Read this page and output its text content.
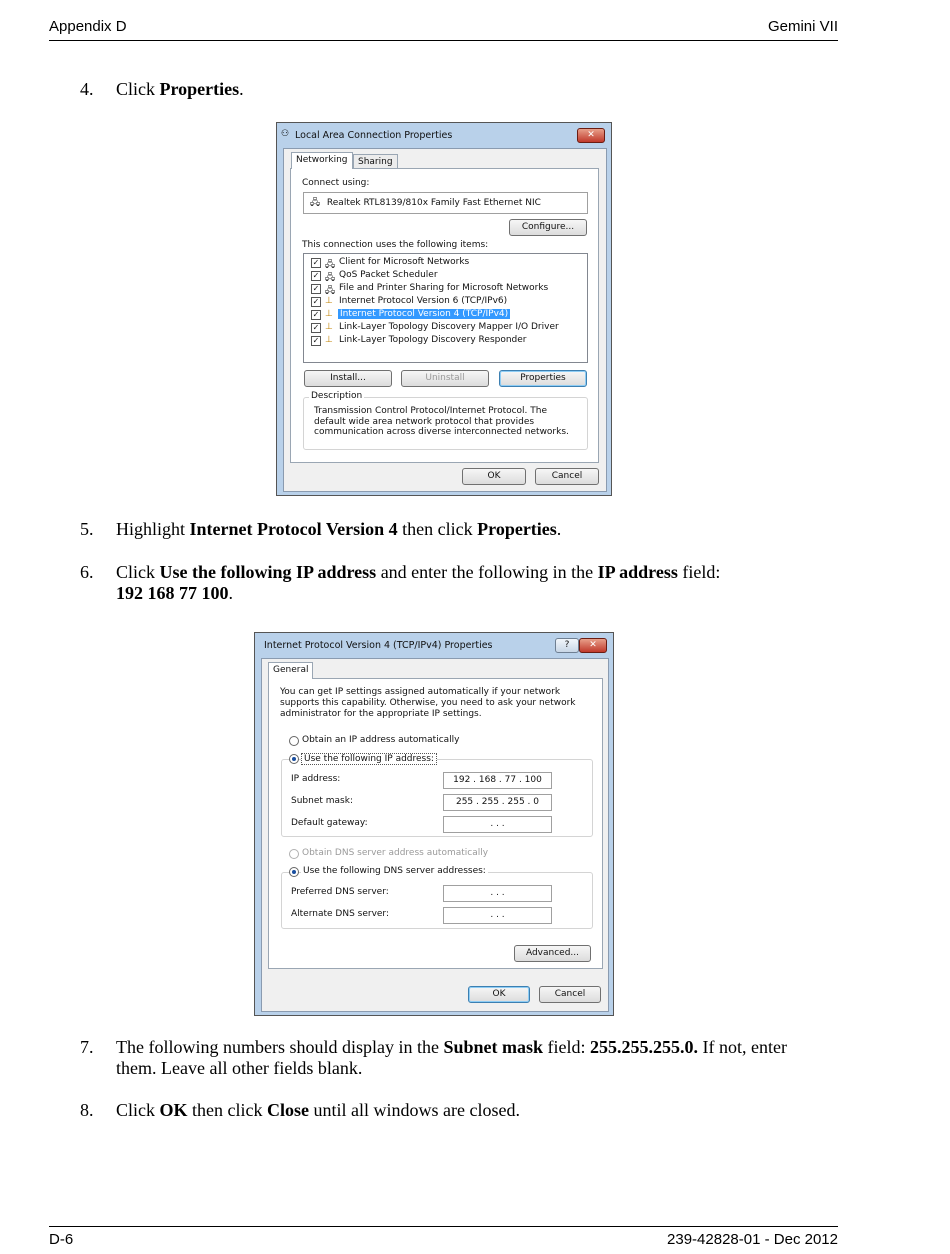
Appendix D	Gemini VII
4. Click Properties.
⚇ Local Area Connection Properties	✕
Networking	Sharing
Connect using:
🖧 Realtek RTL8139/810x Family Fast Ethernet NIC
Configure...
This connection uses the following items:
✓ 🖧 Client for Microsoft Networks
✓ 🖧 QoS Packet Scheduler
✓ 🖧 File and Printer Sharing for Microsoft Networks
✓ ⊥ Internet Protocol Version 6 (TCP/IPv6)
✓ ⊥ Internet Protocol Version 4 (TCP/IPv4)
✓ ⊥ Link-Layer Topology Discovery Mapper I/O Driver
✓ ⊥ Link-Layer Topology Discovery Responder
Install...	Uninstall	Properties
Description
Transmission Control Protocol/Internet Protocol. The default wide area network protocol that provides communication across diverse interconnected networks.
OK	Cancel
5. Highlight Internet Protocol Version 4 then click Properties.
6. Click Use the following IP address and enter the following in the IP address field:
192 168 77 100.
Internet Protocol Version 4 (TCP/IPv4) Properties	?	✕
General
You can get IP settings assigned automatically if your network supports this capability. Otherwise, you need to ask your network administrator for the appropriate IP settings.
Obtain an IP address automatically
Use the following IP address:
IP address:	192 . 168 . 77 . 100
Subnet mask:	255 . 255 . 255 . 0
Default gateway:	. . .
Obtain DNS server address automatically
Use the following DNS server addresses:
Preferred DNS server:	. . .
Alternate DNS server:	. . .
Advanced...
OK	Cancel
7. The following numbers should display in the Subnet mask field: 255.255.255.0. If not, enter them. Leave all other fields blank.
8. Click OK then click Close until all windows are closed.
D-6	239-42828-01 - Dec 2012
